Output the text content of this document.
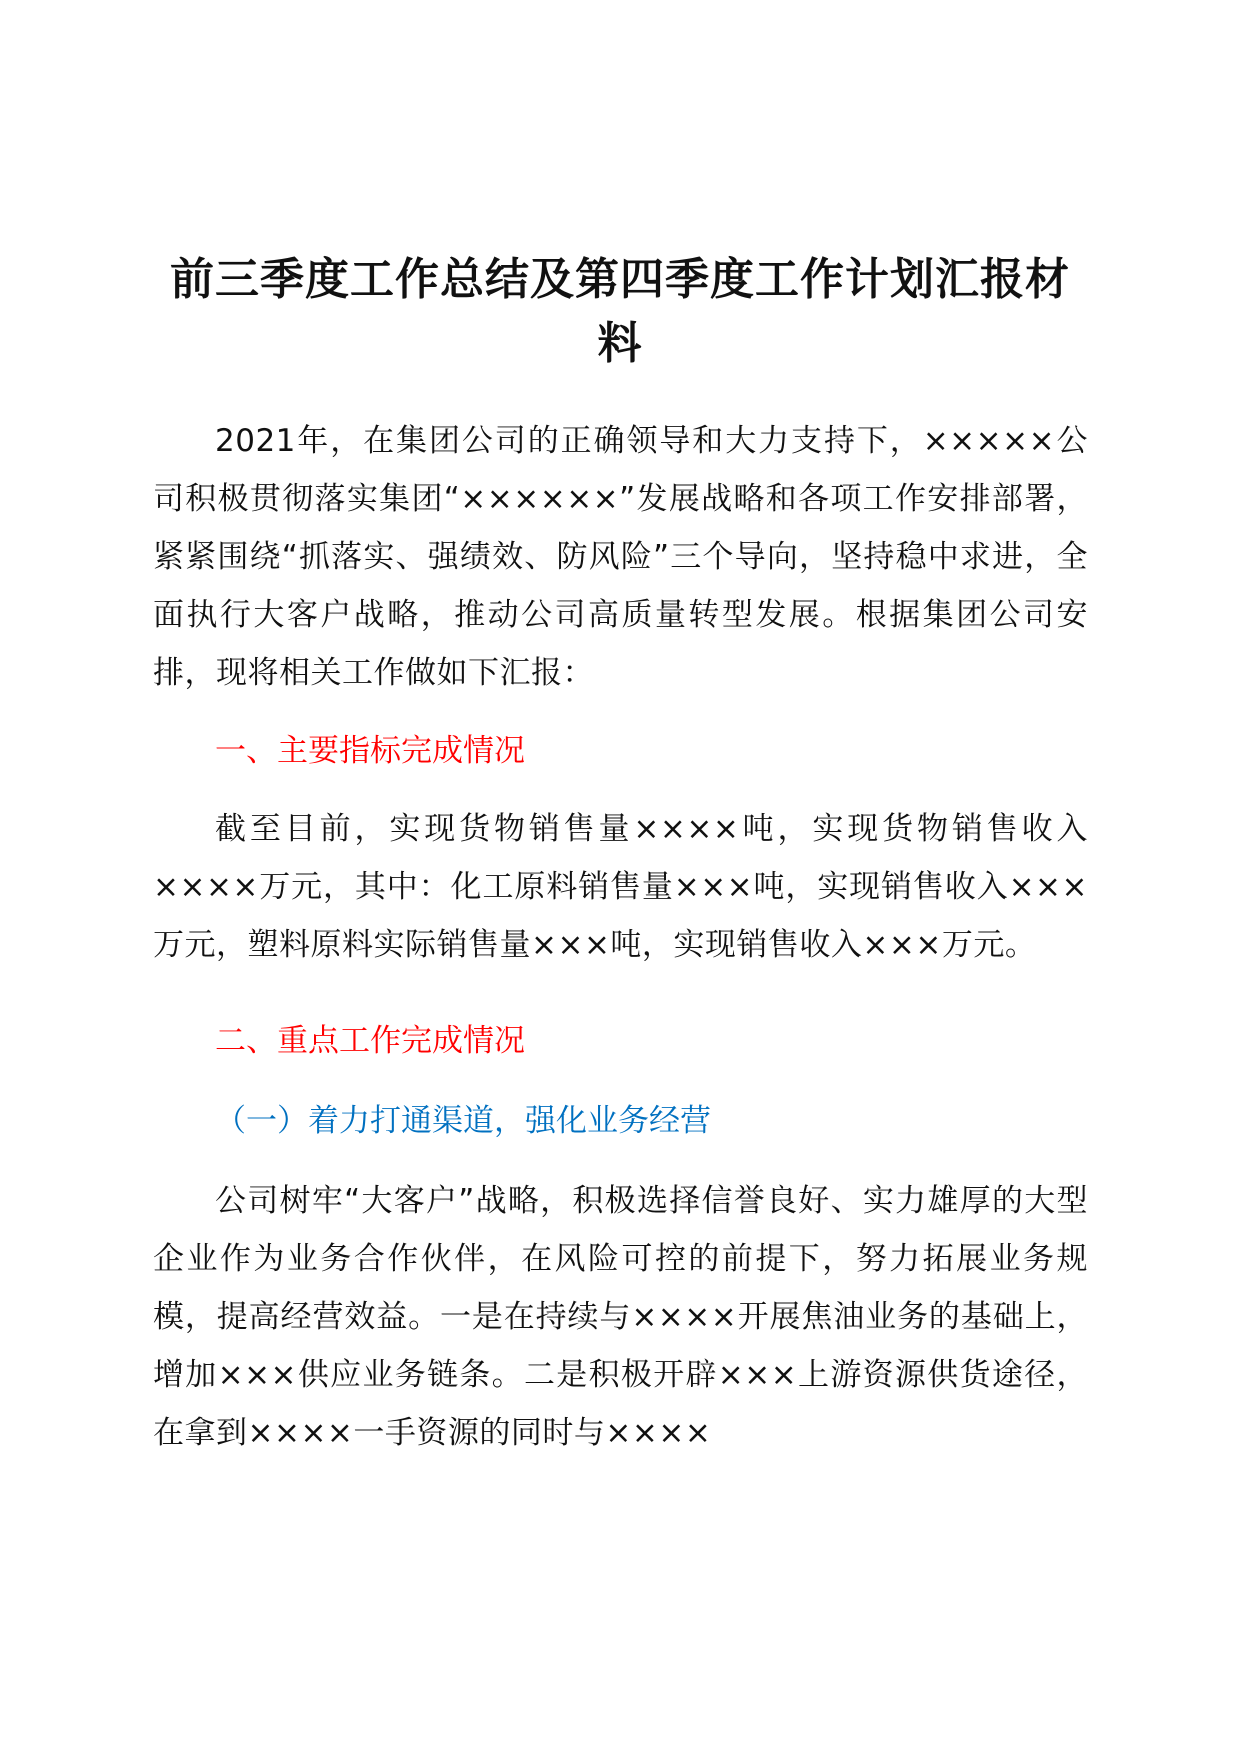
前三季度工作总结及第四季度工作计划汇报材料

2021年，在集团公司的正确领导和大力支持下，×××××公司积极贯彻落实集团“××××××”发展战略和各项工作安排部署，紧紧围绕“抓落实、强绩效、防风险”三个导向，坚持稳中求进，全面执行大客户战略，推动公司高质量转型发展。根据集团公司安排，现将相关工作做如下汇报：

一、主要指标完成情况

截至目前，实现货物销售量××××吨，实现货物销售收入××××万元，其中：化工原料销售量×××吨，实现销售收入×××万元，塑料原料实际销售量×××吨，实现销售收入×××万元。

二、重点工作完成情况

（一）着力打通渠道，强化业务经营

公司树牢“大客户”战略，积极选择信誉良好、实力雄厚的大型企业作为业务合作伙伴，在风险可控的前提下，努力拓展业务规模，提高经营效益。一是在持续与××××开展焦油业务的基础上，增加×××供应业务链条。二是积极开辟×××上游资源供货途径，在拿到××××一手资源的同时与××××
